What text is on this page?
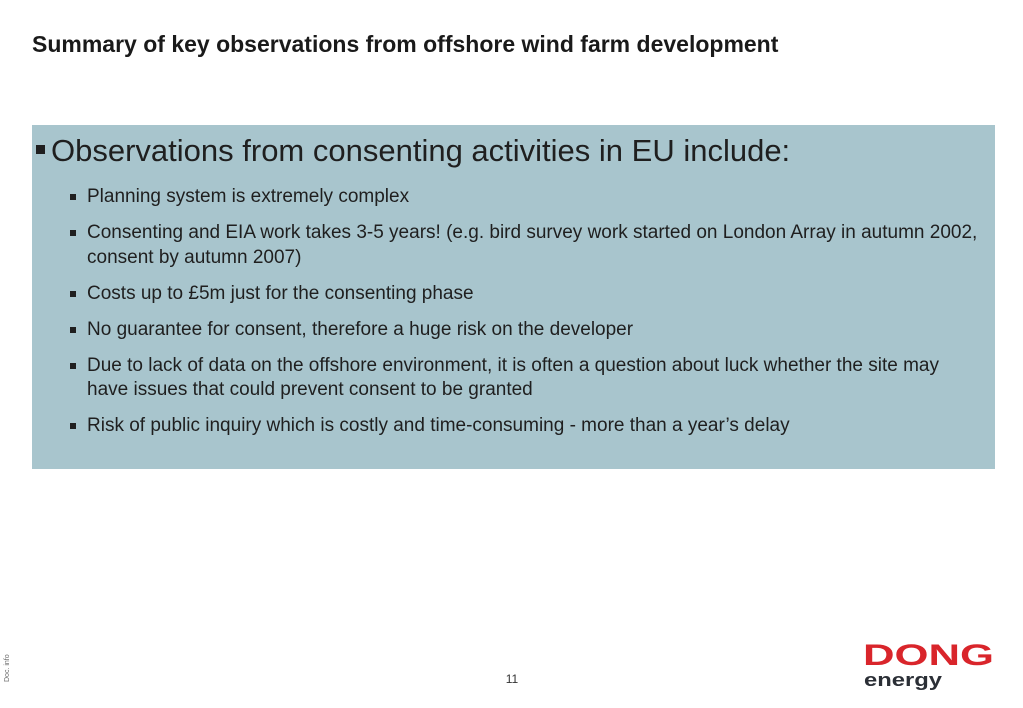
Summary of key observations from offshore wind farm development
Observations from consenting activities in EU include:
Planning system is extremely complex
Consenting and EIA work takes 3-5 years! (e.g. bird survey work started on London Array in autumn 2002, consent by autumn 2007)
Costs up to £5m just for the consenting phase
No guarantee for consent, therefore a huge risk on the developer
Due to lack of data on the offshore environment, it is often a question about luck whether the site may have issues that could prevent consent to be granted
Risk of public inquiry which is costly and time-consuming - more than a year’s delay
Doc. info	11
DONG
energy
